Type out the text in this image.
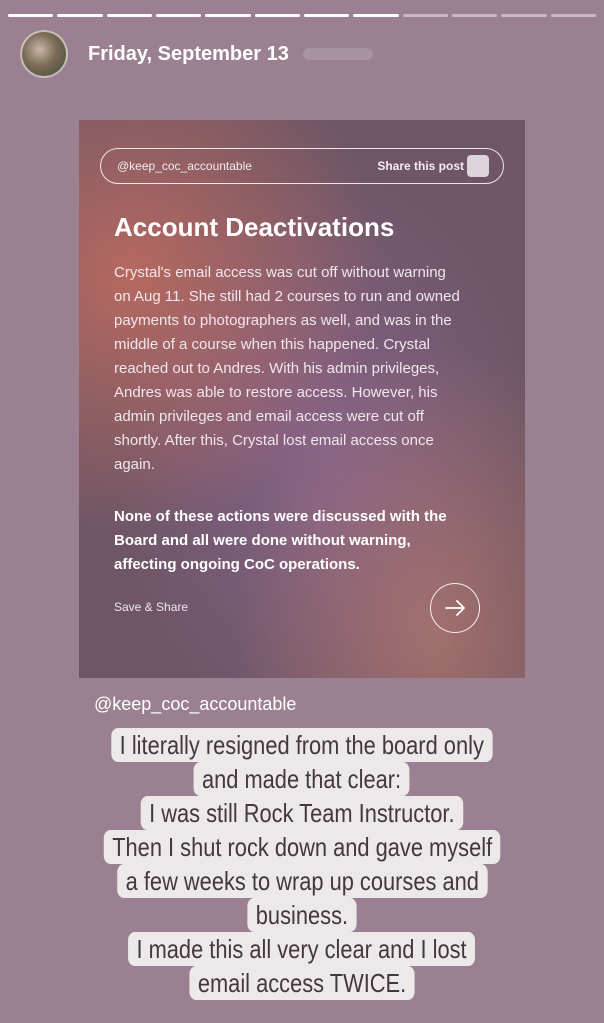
Friday, September 13
@keep_coc_accountable	Share this post
Account Deactivations

Crystal's email access was cut off without warning on Aug 11. She still had 2 courses to run and owned payments to photographers as well, and was in the middle of a course when this happened. Crystal reached out to Andres. With his admin privileges, Andres was able to restore access. However, his admin privileges and email access were cut off shortly. After this, Crystal lost email access once again.

None of these actions were discussed with the Board and all were done without warning, affecting ongoing CoC operations.

Save & Share
@keep_coc_accountable
I literally resigned from the board only
and made that clear:
I was still Rock Team Instructor.
Then I shut rock down and gave myself
a few weeks to wrap up courses and
business.
I made this all very clear and I lost
email access TWICE.
